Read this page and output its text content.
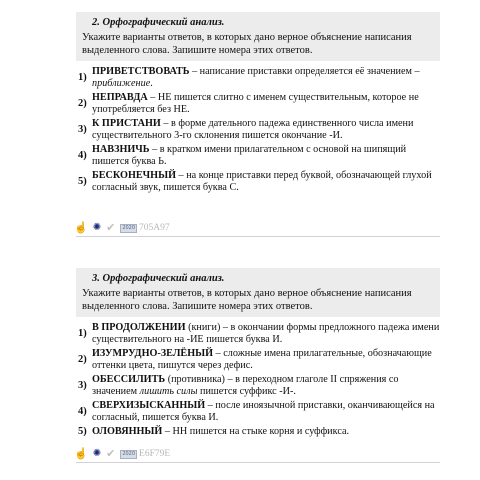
2. Орфографический анализ.
Укажите варианты ответов, в которых дано верное объяснение написания выделенного слова. Запишите номера этих ответов.
1)
ПРИВЕТСТВОВАТЬ – написание приставки определяется её значением – приближение.
2)
НЕПРАВДА – НЕ пишется слитно с именем существительным, которое не употребляется без НЕ.
3)
К ПРИСТАНИ – в форме дательного падежа единственного числа имени существительного 3-го склонения пишется окончание -И.
4)
НАВЗНИЧЬ – в кратком имени прилагательном с основой на шипящий пишется буква Ь.
5)
БЕСКОНЕЧНЫЙ – на конце приставки перед буквой, обозначающей глухой согласный звук, пишется буква С.
☝ ✺ ✔	2020 705A97
3. Орфографический анализ.
Укажите варианты ответов, в которых дано верное объяснение написания выделенного слова. Запишите номера этих ответов.
1)
В ПРОДОЛЖЕНИИ (книги) – в окончании формы предложного падежа имени существительного на -ИЕ пишется буква И.
2)
ИЗУМРУДНО-ЗЕЛЁНЫЙ – сложные имена прилагательные, обозначающие оттенки цвета, пишутся через дефис.
3)
ОБЕССИЛИТЬ (противника) – в переходном глаголе II спряжения со значением лишить силы пишется суффикс -И-.
4)
СВЕРХИЗЫСКАННЫЙ – после иноязычной приставки, оканчивающейся на согласный, пишется буква И.
5) ОЛОВЯННЫЙ – НН пишется на стыке корня и суффикса.
☝ ✺ ✔	2020 E6F79E
